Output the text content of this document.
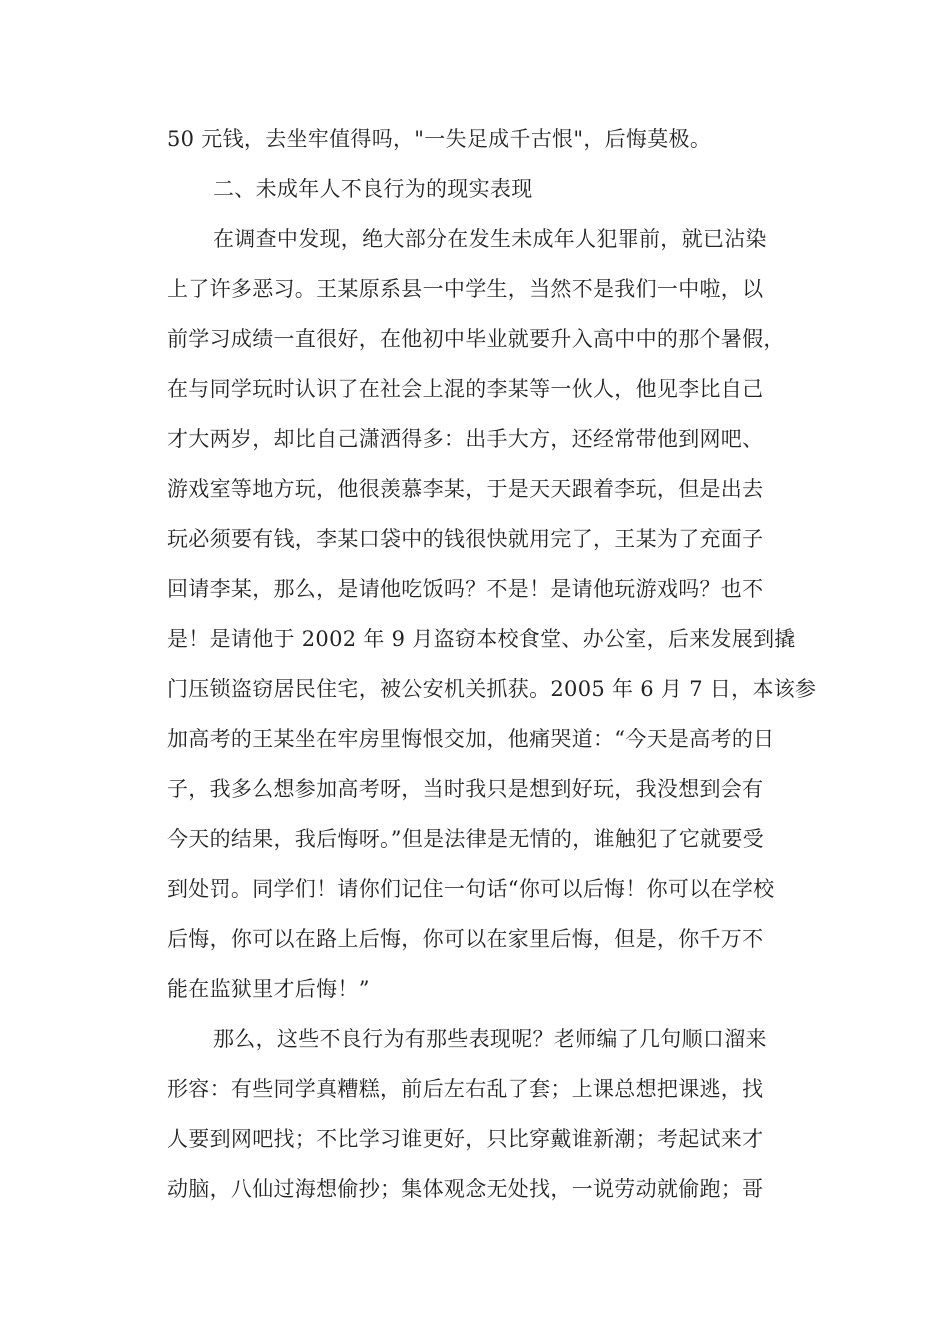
50 元钱，去坐牢值得吗，"一失足成千古恨"，后悔莫极。
二、未成年人不良行为的现实表现
在调查中发现，绝大部分在发生未成年人犯罪前，就已沾染
上了许多恶习。王某原系县一中学生，当然不是我们一中啦，以
前学习成绩一直很好，在他初中毕业就要升入高中中的那个暑假，
在与同学玩时认识了在社会上混的李某等一伙人，他见李比自己
才大两岁，却比自己潇洒得多：出手大方，还经常带他到网吧、
游戏室等地方玩，他很羡慕李某，于是天天跟着李玩，但是出去
玩必须要有钱，李某口袋中的钱很快就用完了，王某为了充面子
回请李某，那么，是请他吃饭吗？不是！是请他玩游戏吗？也不
是！是请他于 2002 年 9 月盗窃本校食堂、办公室，后来发展到撬
门压锁盗窃居民住宅，被公安机关抓获。2005 年 6 月 7 日，本该参
加高考的王某坐在牢房里悔恨交加，他痛哭道：“今天是高考的日
子，我多么想参加高考呀，当时我只是想到好玩，我没想到会有
今天的结果，我后悔呀。”但是法律是无情的，谁触犯了它就要受
到处罚。同学们！请你们记住一句话“你可以后悔！你可以在学校
后悔，你可以在路上后悔，你可以在家里后悔，但是，你千万不
能在监狱里才后悔！”
那么，这些不良行为有那些表现呢？老师编了几句顺口溜来
形容：有些同学真糟糕，前后左右乱了套；上课总想把课逃，找
人要到网吧找；不比学习谁更好，只比穿戴谁新潮；考起试来才
动脑，八仙过海想偷抄；集体观念无处找，一说劳动就偷跑；哥
